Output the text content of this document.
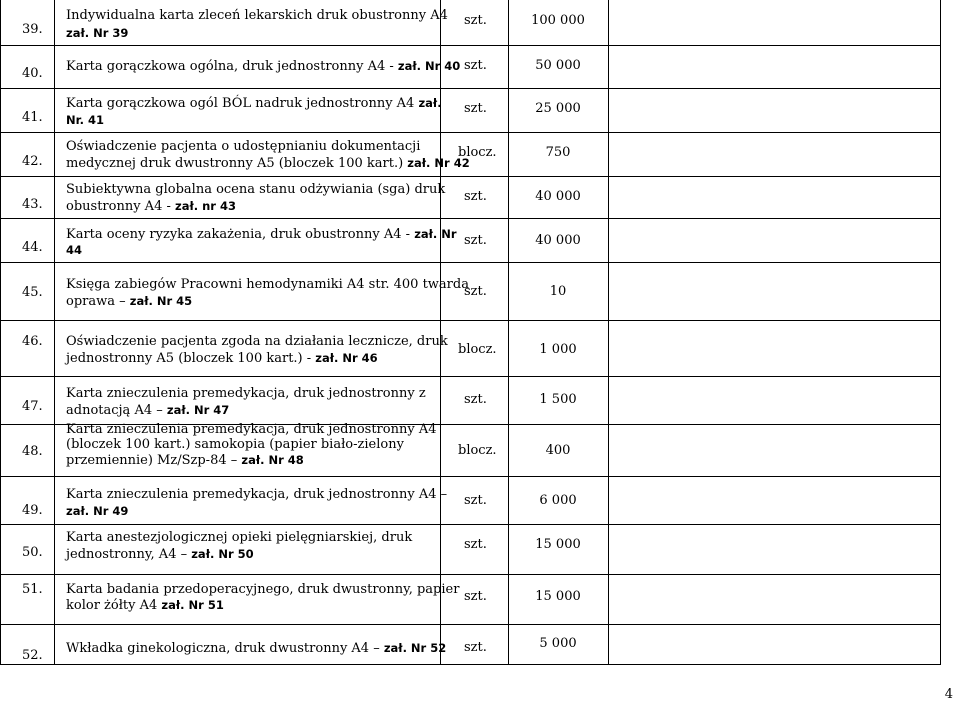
39.
Indywidualna karta zleceń lekarskich druk obustronny A4
zał. Nr 39
szt.	100 000
40. Karta gorączkowa ogólna, druk jednostronny A4 - zał. Nr 40 szt.	50 000
41.
Karta gorączkowa ogól BÓL nadruk jednostronny A4 zał.
Nr. 41
szt.	25 000
42.
Oświadczenie pacjenta o udostępnianiu dokumentacji
medycznej druk dwustronny A5 (bloczek 100 kart.) zał. Nr 42
blocz.	750
43.
Subiektywna globalna ocena stanu odżywiania (sga) druk
obustronny A4 - zał. nr 43
szt.	40 000
44.
Karta oceny ryzyka zakażenia, druk obustronny A4 - zał. Nr
44
szt.	40 000
45.
Księga zabiegów Pracowni hemodynamiki A4 str. 400 twarda
oprawa – zał. Nr 45
szt.	10
46. Oświadczenie pacjenta zgoda na działania lecznicze, druk
jednostronny A5 (bloczek 100 kart.) - zał. Nr 46
blocz.	1 000
47.
Karta znieczulenia premedykacja, druk jednostronny z
adnotacją A4 – zał. Nr 47
szt.	1 500
48.
Karta znieczulenia premedykacja, druk jednostronny A4
(bloczek 100 kart.) samokopia (papier biało-zielony
przemiennie) Mz/Szp-84 – zał. Nr 48
blocz.	400
49.
Karta znieczulenia premedykacja, druk jednostronny A4 –
zał. Nr 49
szt.	6 000
50.
Karta anestezjologicznej opieki pielęgniarskiej, druk
jednostronny, A4 – zał. Nr 50
szt.	15 000
51. Karta badania przedoperacyjnego, druk dwustronny, papier
kolor żółty A4 zał. Nr 51
szt.	15 000
52. Wkładka ginekologiczna, druk dwustronny A4 – zał. Nr 52 szt.	5 000
4
